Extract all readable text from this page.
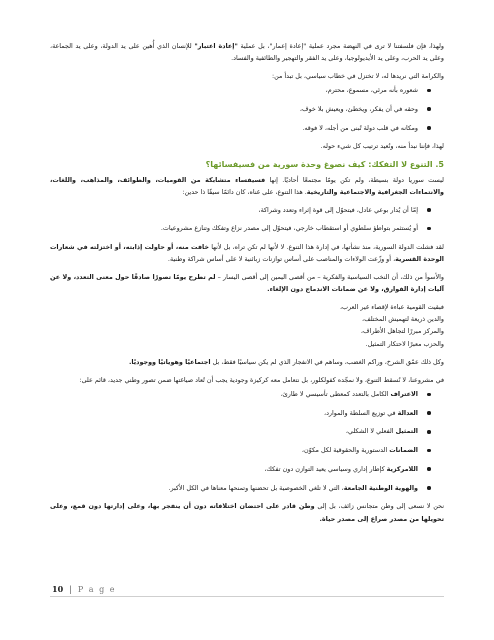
ولهذا، فإن فلسفتنا لا ترى في النهضة مجرد عملية "إعادة إعمار"، بل عملية "إعادة اعتبار" للإنسان الذي أُهين على يد الدولة، وعلى يد الجماعة، وعلى يد الحرب، وعلى يد الأيديولوجيا، وعلى يد الفقر والتهجير والطائفية والفساد.

والكرامة التي نريدها له، لا تختزل في خطاب سياسي، بل تبدأ من:

شعوره بأنه مرئي، مسموع، محترم،
وحقه في أن يفكر، ويخطئ، ويعيش بلا خوف،
ومكانه في قلب دولة تُبنى من أجله، لا فوقه.

لهذا، فإننا نبدأ منه، ونُعيد ترتيب كل شيء حوله.

5. التنوع لا التفكك: كيف نصوغ وحدة سورية من فسيفسائها؟

ليست سوريا دولة بسيطة، ولم تكن يومًا مجتمعًا أحاديًا. إنها فسيفساء متشابكة من القوميات، والطوائف، والمذاهب، واللغات، والانتماءات الجغرافية والاجتماعية والتاريخية. هذا التنوع، على غناه، كان دائمًا سيفًا ذا حدين:

إمّا أن يُدار بوعي عادل، فيتحوّل إلى قوة إثراء وتعدد وشراكة،
أو يُستثمر بتواطؤ سلطوي أو استقطاب خارجي، فيتحوّل إلى مصدر نزاع وتفكك وتنازع مشروعيات.

لقد فشلت الدولة السورية، منذ نشأتها، في إدارة هذا التنوع. لا لأنها لم تكن تراه، بل لأنها خافت منه، أو حاولت إذابته، أو اختزلته في شعارات الوحدة القسرية، أو وزّعت الولاءات والمناصب على أساس توازنات زبائنية لا على أساس شراكة وطنية.

والأسوأ من ذلك، أن النخب السياسية والفكرية – من أقصى اليمين إلى أقصى اليسار – لم تطرح يومًا تصورًا صادقًا حول معنى التعدد، ولا عن آليات إدارة الفوارق، ولا عن ضمانات الاندماج دون الإلغاء.

فبقيت القومية عباءة لإقصاء غير العرب،

والدين ذريعة لتهميش المختلف،

والمركز مبررًا لتجاهل الأطراف،

والحزب معبرًا لاحتكار التمثيل.

وكل ذلك عمّق الشرخ، وراكم الغضب، وساهم في الانفجار الذي لم يكن سياسيًا فقط، بل اجتماعيًا وهوياتيًا ووجوديًا.

في مشروعنا، لا نُسقط التنوع، ولا نمجّده كفولكلور، بل نتعامل معه كركيزة وجودية يجب أن تُعاد صياغتها ضمن تصور وطني جديد، قائم على:

الاعتراف الكامل بالتعدد كمعطى تأسيسي لا طارئ،
العدالة في توزيع السلطة والموارد،
التمثيل الفعلي لا الشكلي،
الضمانات الدستورية والحقوقية لكل مكوّن،
اللامركزية كإطار إداري وسياسي يعيد التوازن دون تفكك،
والهوية الوطنية الجامعة، التي لا تلغي الخصوصية بل تحضنها وتمنحها معناها في الكل الأكبر.

نحن لا نسعى إلى وطن متجانس زائف، بل إلى وطن قادر على احتضان اختلافاته دون أن ينفجر بها، وعلى إدارتها دون قمع، وعلى تحويلها من مصدر صراع إلى مصدر حياة.

10 | P a g e
